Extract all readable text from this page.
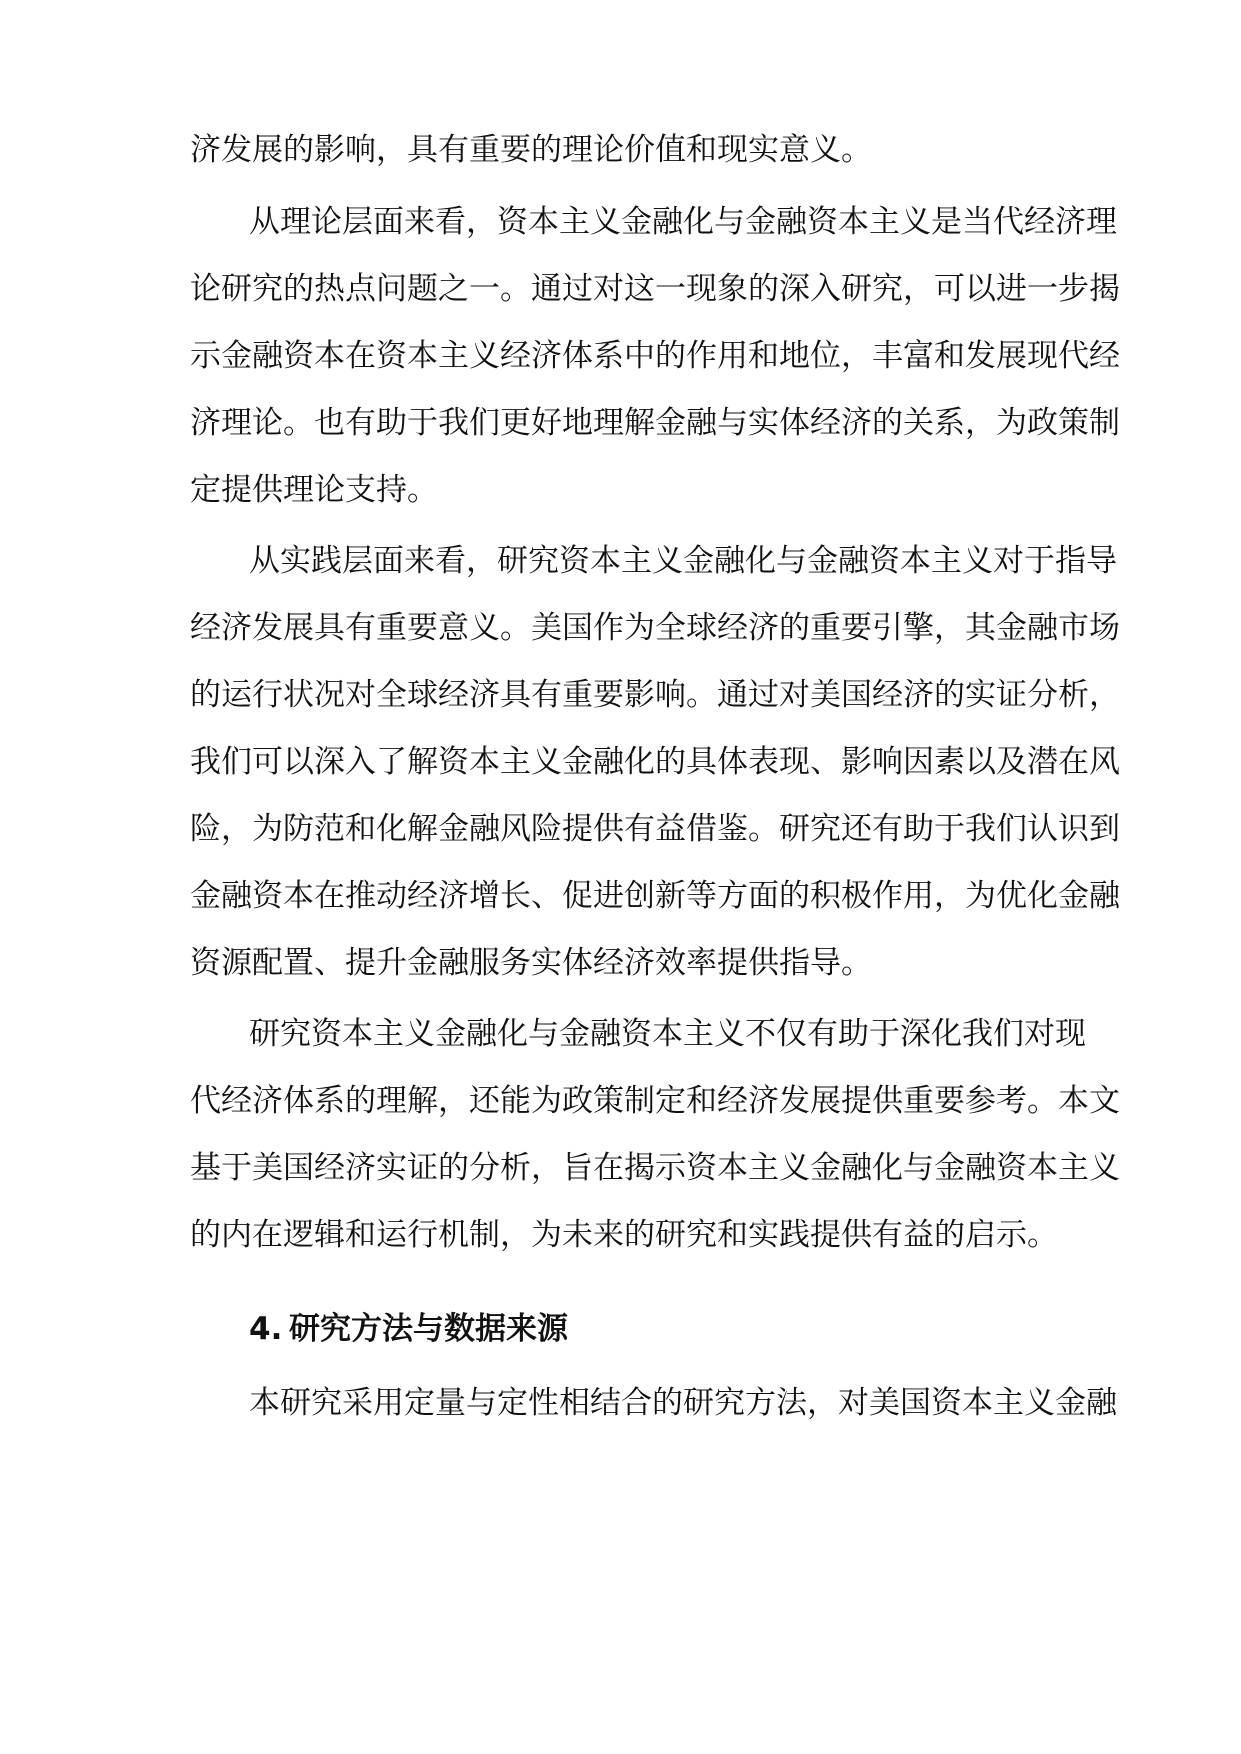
济发展的影响，具有重要的理论价值和现实意义。
从理论层面来看，资本主义金融化与金融资本主义是当代经济理
论研究的热点问题之一。通过对这一现象的深入研究，可以进一步揭
示金融资本在资本主义经济体系中的作用和地位，丰富和发展现代经
济理论。也有助于我们更好地理解金融与实体经济的关系，为政策制
定提供理论支持。
从实践层面来看，研究资本主义金融化与金融资本主义对于指导
经济发展具有重要意义。美国作为全球经济的重要引擎，其金融市场
的运行状况对全球经济具有重要影响。通过对美国经济的实证分析，
我们可以深入了解资本主义金融化的具体表现、影响因素以及潜在风
险，为防范和化解金融风险提供有益借鉴。研究还有助于我们认识到
金融资本在推动经济增长、促进创新等方面的积极作用，为优化金融
资源配置、提升金融服务实体经济效率提供指导。
研究资本主义金融化与金融资本主义不仅有助于深化我们对现
代经济体系的理解，还能为政策制定和经济发展提供重要参考。本文
基于美国经济实证的分析，旨在揭示资本主义金融化与金融资本主义
的内在逻辑和运行机制，为未来的研究和实践提供有益的启示。
4. 研究方法与数据来源
本研究采用定量与定性相结合的研究方法，对美国资本主义金融
